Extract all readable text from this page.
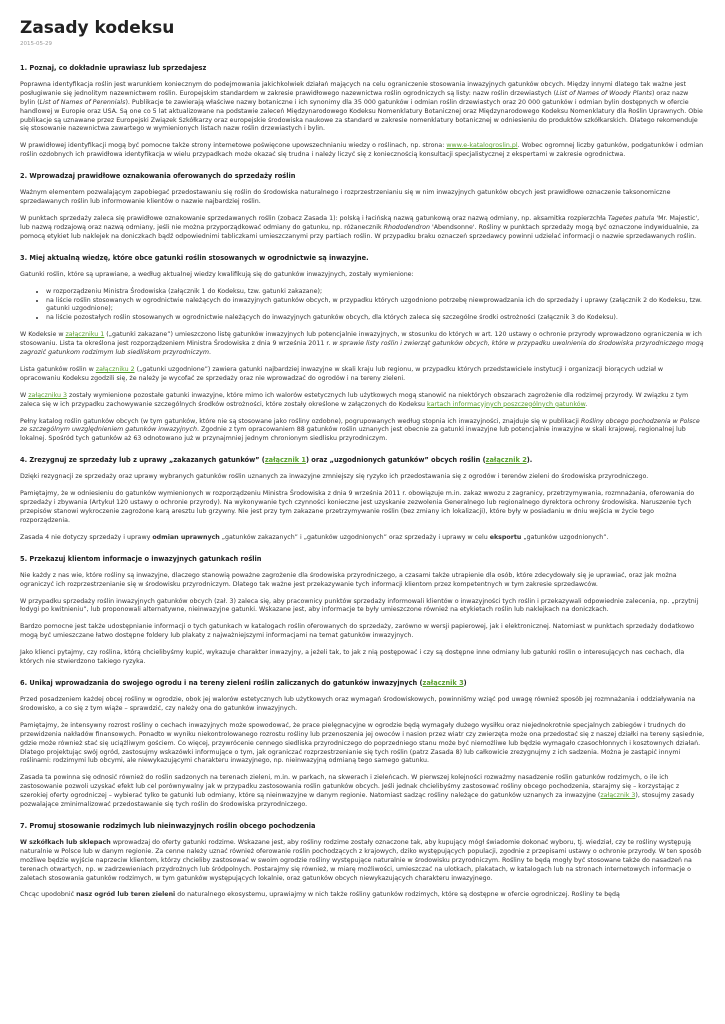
Zasady kodeksu
2015-05-29
1. Poznaj, co dokładnie uprawiasz lub sprzedajesz

Poprawna identyfikacja roślin jest warunkiem koniecznym do podejmowania jakichkolwiek działań mających na celu ograniczenie stosowania inwazyjnych gatunków obcych. Między innymi dlatego tak ważne jest posługiwanie się jednolitym nazewnictwem roślin. Europejskim standardem w zakresie prawidłowego nazewnictwa roślin ogrodniczych są listy: nazw roślin drzewiastych (List of Names of Woody Plants) oraz nazw bylin (List of Names of Perennials). Publikacje te zawierają właściwe nazwy botaniczne i ich synonimy dla 35 000 gatunków i odmian roślin drzewiastych oraz 20 000 gatunków i odmian bylin dostępnych w ofercie handlowej w Europie oraz USA. Są one co 5 lat aktualizowane na podstawie zaleceń Międzynarodowego Kodeksu Nomenklatury Botanicznej oraz Międzynarodowego Kodeksu Nomenklatury dla Roślin Uprawnych. Obie publikacje są uznawane przez Europejski Związek Szkółkarzy oraz europejskie środowiska naukowe za standard w zakresie nomenklatury botanicznej w odniesieniu do produktów szkółkarskich. Dlatego rekomenduje się stosowanie nazewnictwa zawartego w wymienionych listach nazw roślin drzewiastych i bylin.

W prawidłowej identyfikacji mogą być pomocne także strony internetowe poświęcone upowszechnianiu wiedzy o roślinach, np. strona: www.e-katalogroslin.pl. Wobec ogromnej liczby gatunków, podgatunków i odmian roślin ozdobnych ich prawidłowa identyfikacja w wielu przypadkach może okazać się trudna i należy liczyć się z koniecznością konsultacji specjalistycznej z ekspertami w zakresie ogrodnictwa.

2. Wprowadzaj prawidłowe oznakowania oferowanych do sprzedaży roślin

Ważnym elementem pozwalającym zapobiegać przedostawaniu się roślin do środowiska naturalnego i rozprzestrzenianiu się w nim inwazyjnych gatunków obcych jest prawidłowe oznaczenie taksonomiczne sprzedawanych roślin lub informowanie klientów o nazwie najbardziej roślin.

W punktach sprzedaży zaleca się prawidłowe oznakowanie sprzedawanych roślin (zobacz Zasada 1): polską i łacińską nazwą gatunkową oraz nazwą odmiany, np. aksamitka rozpierzchła Tagetes patula 'Mr. Majestic', lub nazwą rodzajową oraz nazwą odmiany, jeśli nie można przyporządkować odmiany do gatunku, np. różanecznik Rhododendron 'Abendsonne'. Rośliny w punktach sprzedaży mogą być oznaczone indywidualnie, za pomocą etykiet lub naklejek na doniczkach bądź odpowiednimi tabliczkami umieszczanymi przy partiach roślin. W przypadku braku oznaczeń sprzedawcy powinni udzielać informacji o nazwie sprzedawanych roślin.

3. Miej aktualną wiedzę, które obce gatunki roślin stosowanych w ogrodnictwie są inwazyjne.

Gatunki roślin, które są uprawiane, a według aktualnej wiedzy kwalifikują się do gatunków inwazyjnych, zostały wymienione:

• w rozporządzeniu Ministra Środowiska (załącznik 1 do Kodeksu, tzw. gatunki zakazane);
• na liście roślin stosowanych w ogrodnictwie należących do inwazyjnych gatunków obcych, w przypadku których uzgodniono potrzebę niewprowadzania ich do sprzedaży i uprawy (załącznik 2 do Kodeksu, tzw. gatunki uzgodnione);
• na liście pozostałych roślin stosowanych w ogrodnictwie należących do inwazyjnych gatunków obcych, dla których zaleca się szczególne środki ostrożności (załącznik 3 do Kodeksu).

W Kodeksie w załączniku 1 („gatunki zakazane”) umieszczono listę gatunków inwazyjnych lub potencjalnie inwazyjnych, w stosunku do których w art. 120 ustawy o ochronie przyrody wprowadzono ograniczenia w ich stosowaniu. Lista ta określona jest rozporządzeniem Ministra Środowiska z dnia 9 września 2011 r. w sprawie listy roślin i zwierząt gatunków obcych, które w przypadku uwolnienia do środowiska przyrodniczego mogą zagrozić gatunkom rodzimym lub siedliskom przyrodniczym.

Lista gatunków roślin w załączniku 2 („gatunki uzgodnione”) zawiera gatunki najbardziej inwazyjne w skali kraju lub regionu, w przypadku których przedstawiciele instytucji i organizacji biorących udział w opracowaniu Kodeksu zgodzili się, że należy je wycofać ze sprzedaży oraz nie wprowadzać do ogrodów i na tereny zieleni.

W załączniku 3 zostały wymienione pozostałe gatunki inwazyjne, które mimo ich walorów estetycznych lub użytkowych mogą stanowić na niektórych obszarach zagrożenie dla rodzimej przyrody. W związku z tym zaleca się w ich przypadku zachowywanie szczególnych środków ostrożności, które zostały określone w załączonych do Kodeksu kartach informacyjnych poszczególnych gatunków.

Pełny katalog roślin gatunków obcych (w tym gatunków, które nie są stosowane jako rośliny ozdobne), pogrupowanych według stopnia ich inwazyjności, znajduje się w publikacji Rośliny obcego pochodzenia w Polsce ze szczególnym uwzględnieniem gatunków inwazyjnych. Zgodnie z tym opracowaniem 88 gatunków roślin uznanych jest obecnie za gatunki inwazyjne lub potencjalnie inwazyjne w skali krajowej, regionalnej lub lokalnej. Spośród tych gatunków aż 63 odnotowano już w przynajmniej jednym chronionym siedlisku przyrodniczym.

4. Zrezygnuj ze sprzedaży lub z uprawy „zakazanych gatunków” (załącznik 1) oraz „uzgodnionych gatunków” obcych roślin (załącznik 2).

Dzięki rezygnacji ze sprzedaży oraz uprawy wybranych gatunków roślin uznanych za inwazyjne zmniejszy się ryzyko ich przedostawania się z ogrodów i terenów zieleni do środowiska przyrodniczego.

Pamiętajmy, że w odniesieniu do gatunków wymienionych w rozporządzeniu Ministra Środowiska z dnia 9 września 2011 r. obowiązuje m.in. zakaz wwozu z zagranicy, przetrzymywania, rozmnażania, oferowania do sprzedaży i zbywania (Artykuł 120 ustawy o ochronie przyrody). Na wykonywanie tych czynności konieczne jest uzyskanie zezwolenia Generalnego lub regionalnego dyrektora ochrony środowiska. Naruszenie tych przepisów stanowi wykroczenie zagrożone karą aresztu lub grzywny. Nie jest przy tym zakazane przetrzymywanie roślin (bez zmiany ich lokalizacji), które były w posiadaniu w dniu wejścia w życie tego rozporządzenia.

Zasada 4 nie dotyczy sprzedaży i uprawy odmian uprawnych „gatunków zakazanych” i „gatunków uzgodnionych” oraz sprzedaży i uprawy w celu eksportu „gatunków uzgodnionych”.

5. Przekazuj klientom informacje o inwazyjnych gatunkach roślin

Nie każdy z nas wie, które rośliny są inwazyjne, dlaczego stanowią poważne zagrożenie dla środowiska przyrodniczego, a czasami także utrapienie dla osób, które zdecydowały się je uprawiać, oraz jak można ograniczyć ich rozprzestrzenianie się w środowisku przyrodniczym. Dlatego tak ważne jest przekazywanie tych informacji klientom przez kompetentnych w tym zakresie sprzedawców.

W przypadku sprzedaży roślin inwazyjnych gatunków obcych (zał. 3) zaleca się, aby pracownicy punktów sprzedaży informowali klientów o inwazyjności tych roślin i przekazywali odpowiednie zalecenia, np. „przytnij łodygi po kwitnieniu”, lub proponowali alternatywne, nieinwazyjne gatunki. Wskazane jest, aby informacje te były umieszczone również na etykietach roślin lub naklejkach na doniczkach.

Bardzo pomocne jest także udostępnianie informacji o tych gatunkach w katalogach roślin oferowanych do sprzedaży, zarówno w wersji papierowej, jak i elektronicznej. Natomiast w punktach sprzedaży dodatkowo mogą być umieszczane łatwo dostępne foldery lub plakaty z najważniejszymi informacjami na temat gatunków inwazyjnych.

Jako klienci pytajmy, czy roślina, którą chcielibyśmy kupić, wykazuje charakter inwazyjny, a jeżeli tak, to jak z nią postępować i czy są dostępne inne odmiany lub gatunki roślin o interesujących nas cechach, dla których nie stwierdzono takiego ryzyka.

6. Unikaj wprowadzania do swojego ogrodu i na tereny zieleni roślin zaliczanych do gatunków inwazyjnych (załącznik 3)

Przed posadzeniem każdej obcej rośliny w ogrodzie, obok jej walorów estetycznych lub użytkowych oraz wymagań środowiskowych, powinniśmy wziąć pod uwagę również sposób jej rozmnażania i oddziaływania na środowisko, a co się z tym wiąże – sprawdzić, czy należy ona do gatunków inwazyjnych.

Pamiętajmy, że intensywny rozrost rośliny o cechach inwazyjnych może spowodować, że prace pielęgnacyjne w ogrodzie będą wymagały dużego wysiłku oraz niejednokrotnie specjalnych zabiegów i trudnych do przewidzenia nakładów finansowych. Ponadto w wyniku niekontrolowanego rozrostu rośliny lub przenoszenia jej owoców i nasion przez wiatr czy zwierzęta może ona przedostać się z naszej działki na tereny sąsiednie, gdzie może również stać się uciążliwym gościem. Co więcej, przywrócenie cennego siedliska przyrodniczego do poprzedniego stanu może być niemożliwe lub będzie wymagało czasochłonnych i kosztownych działań. Dlatego projektując swój ogród, zastosujmy wskazówki informujące o tym, jak ograniczać rozprzestrzenianie się tych roślin (patrz Zasada 8) lub całkowicie zrezygnujmy z ich sadzenia. Można je zastąpić innymi roślinami: rodzimymi lub obcymi, ale niewykazującymi charakteru inwazyjnego, np. nieinwazyjną odmianą tego samego gatunku.

Zasada ta powinna się odnosić również do roślin sadzonych na terenach zieleni, m.in. w parkach, na skwerach i zieleńcach. W pierwszej kolejności rozważmy nasadzenie roślin gatunków rodzimych, o ile ich zastosowanie pozwoli uzyskać efekt lub cel porównywalny jak w przypadku zastosowania roślin gatunków obcych. Jeśli jednak chcielibyśmy zastosować rośliny obcego pochodzenia, starajmy się – korzystając z szerokiej oferty ogrodniczej – wybierać tylko te gatunki lub odmiany, które są nieinwazyjne w danym regionie. Natomiast sadząc rośliny należące do gatunków uznanych za inwazyjne (załącznik 3), stosujmy zasady pozwalające zminimalizować przedostawanie się tych roślin do środowiska przyrodniczego.

7. Promuj stosowanie rodzimych lub nieinwazyjnych roślin obcego pochodzenia

W szkółkach lub sklepach wprowadzaj do oferty gatunki rodzime. Wskazane jest, aby rośliny rodzime zostały oznaczone tak, aby kupujący mógł świadomie dokonać wyboru, tj. wiedział, czy te rośliny występują naturalnie w Polsce lub w danym regionie. Za cenne należy uznać również oferowanie roślin pochodzących z krajowych, dziko występujących populacji, zgodnie z przepisami ustawy o ochronie przyrody. W ten sposób możliwe będzie wyjście naprzeciw klientom, którzy chcieliby zastosować w swoim ogrodzie rośliny występujące naturalnie w środowisku przyrodniczym. Rośliny te będą mogły być stosowane także do nasadzeń na terenach otwartych, np. w zadrzewieniach przydrożnych lub śródpolnych. Postarajmy się również, w miarę możliwości, umieszczać na ulotkach, plakatach, w katalogach lub na stronach internetowych informacje o zaletach stosowania gatunków rodzimych, w tym gatunków występujących lokalnie, oraz gatunków obcych niewykazujących charakteru inwazyjnego.

Chcąc upodobnić nasz ogród lub teren zieleni do naturalnego ekosystemu, uprawiajmy w nich także rośliny gatunków rodzimych, które są dostępne w ofercie ogrodniczej. Rośliny te będą
